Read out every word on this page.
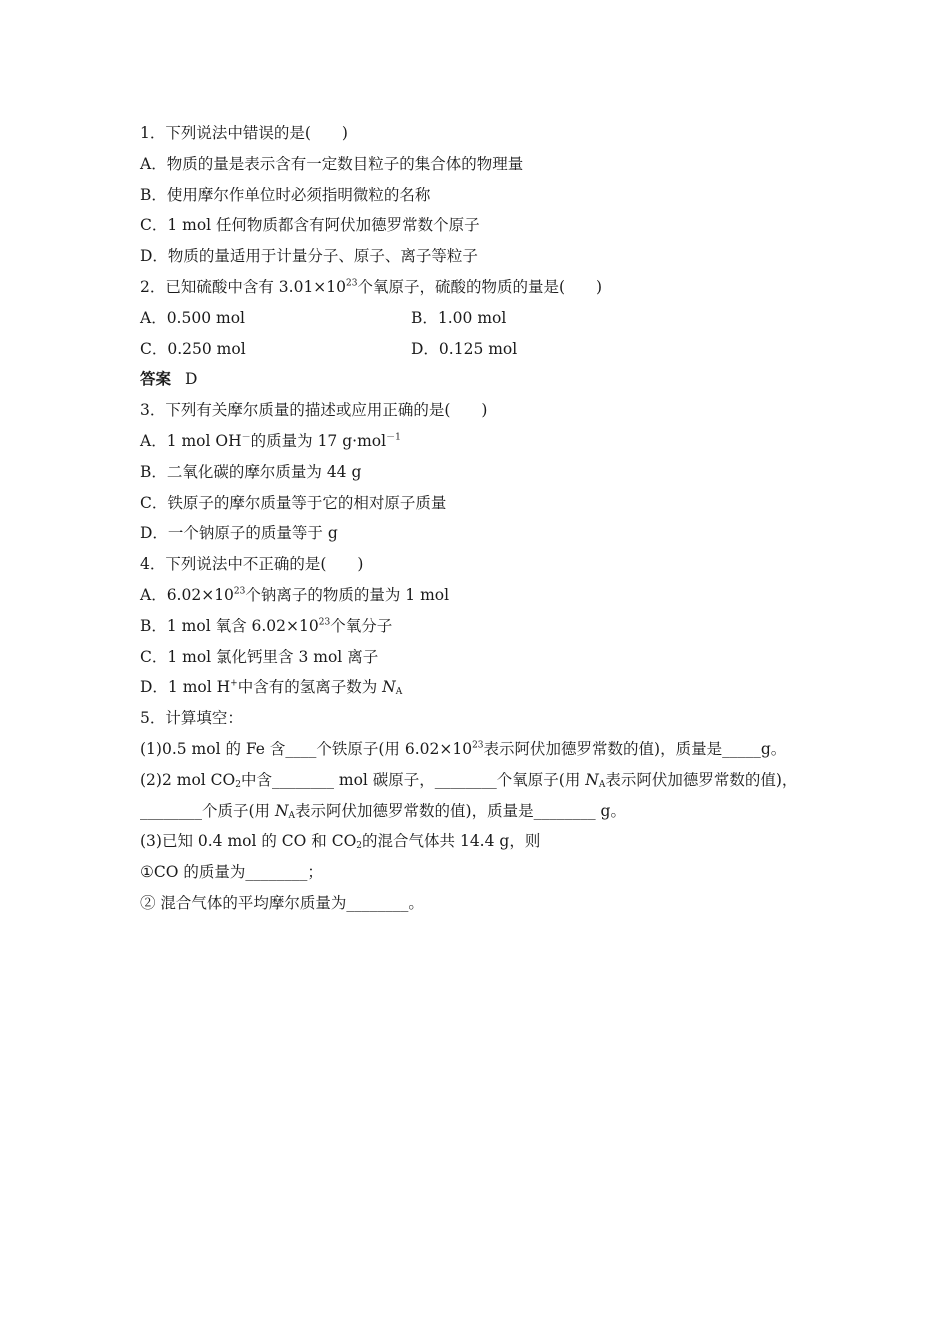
1．下列说法中错误的是(　　)
A．物质的量是表示含有一定数目粒子的集合体的物理量
B．使用摩尔作单位时必须指明微粒的名称
C．1 mol 任何物质都含有阿伏加德罗常数个原子
D．物质的量适用于计量分子、原子、离子等粒子
2．已知硫酸中含有 $3.01\times 10^{23}$个氧原子，硫酸的物质的量是(　　)
A．0.500 mol	B．1.00 mol
C．0.250 mol	D．0.125 mol
答案 D
3．下列有关摩尔质量的描述或应用正确的是(　　)
A．1 mol OH－的质量为 17 g·mol$^{-1}$
B．二氧化碳的摩尔质量为 44 g
C．铁原子的摩尔质量等于它的相对原子质量
D．一个钠原子的质量等于 g
4．下列说法中不正确的是(　　)
A．$6.02\times 10^{23}$个钠离子的物质的量为 1 mol
B．1 mol 氧含 $6.02\times 10^{23}$个氧分子
C．1 mol 氯化钙里含 3 mol 离子
D．1 mol H+中含有的氢离子数为 $N_A$
5．计算填空：
(1)0.5 mol 的 Fe 含____个铁原子(用 $6.02\times 10^{23}$表示阿伏加德罗常数的值)，质量是_____g。
(2)2 mol $CO_2$中含________ mol 碳原子，________个氧原子(用 $N_A$表示阿伏加德罗常数的值)，
________个质子(用 $N_A$表示阿伏加德罗常数的值)，质量是________ g。
(3)已知 0.4 mol 的 CO 和 $CO_2$的混合气体共 14.4 g，则
①CO 的质量为________；
② 混合气体的平均摩尔质量为________。
